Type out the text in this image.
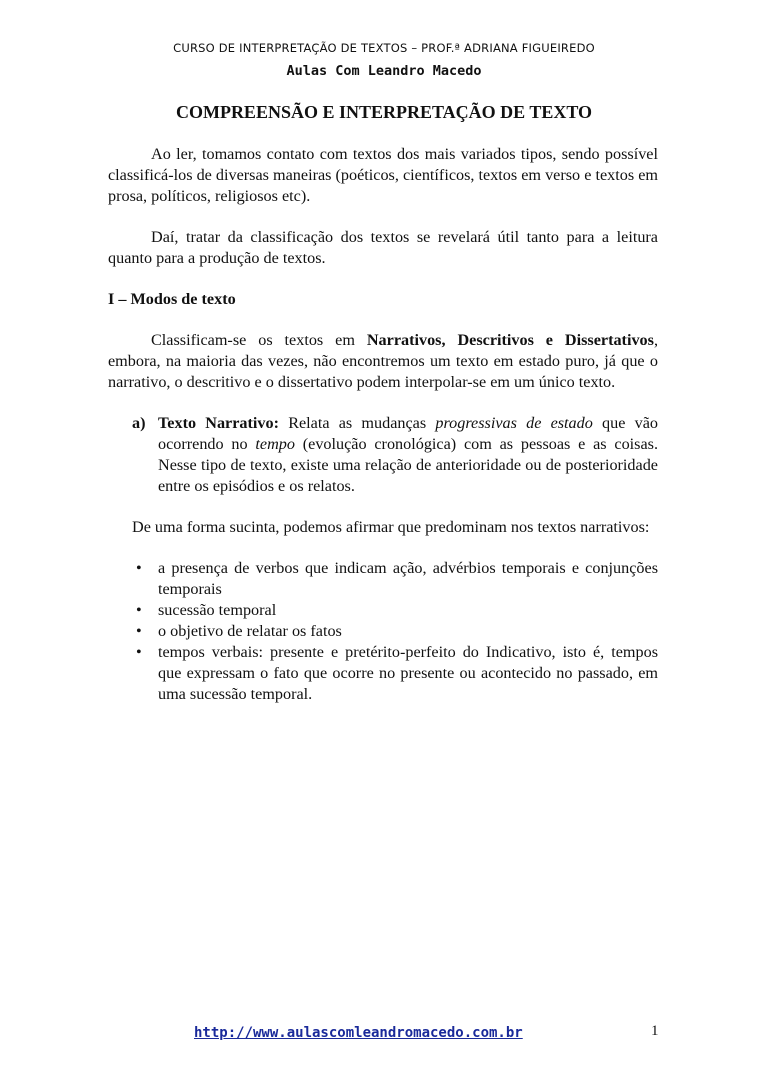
CURSO DE INTERPRETAÇÃO DE TEXTOS – PROF.ª ADRIANA FIGUEIREDO
Aulas Com Leandro Macedo
COMPREENSÃO E INTERPRETAÇÃO DE TEXTO

Ao ler, tomamos contato com textos dos mais variados tipos, sendo possível classificá-los de diversas maneiras (poéticos, científicos, textos em verso e textos em prosa, políticos, religiosos etc).

Daí, tratar da classificação dos textos se revelará útil tanto para a leitura quanto para a produção de textos.

I – Modos de texto

Classificam-se os textos em Narrativos, Descritivos e Dissertativos, embora, na maioria das vezes, não encontremos um texto em estado puro, já que o narrativo, o descritivo e o dissertativo podem interpolar-se em um único texto.

a) Texto Narrativo: Relata as mudanças progressivas de estado que vão ocorrendo no tempo (evolução cronológica) com as pessoas e as coisas. Nesse tipo de texto, existe uma relação de anterioridade ou de posterioridade entre os episódios e os relatos.

De uma forma sucinta, podemos afirmar que predominam nos textos narrativos:

•	a presença de verbos que indicam ação, advérbios temporais e conjunções temporais
•	sucessão temporal
•	o objetivo de relatar os fatos
•	tempos verbais: presente e pretérito-perfeito do Indicativo, isto é, tempos que expressam o fato que ocorre no presente ou acontecido no passado, em uma sucessão temporal.
http://www.aulascomleandromacedo.com.br	1
